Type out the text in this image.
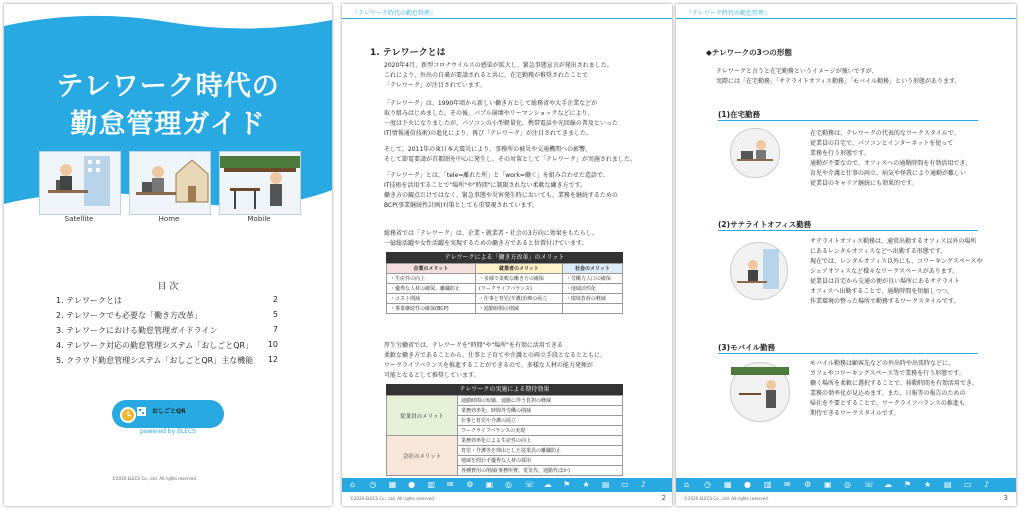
テレワーク時代の
勤怠管理ガイド
Satellite	Home	Mobile
目 次
1. テレワークとは	2
2. テレワークでも必要な「働き方改革」	5
3. テレワークにおける勤怠管理ガイドライン	7
4. テレワーク対応の勤怠管理システム「おしごとQR」 10
5. クラウド勤怠管理システム「おしごとQR」主な機能 12
おしごとQR
powered by ELECS
©2020 ELECS Co., Ltd. All rights reserved.
『テレワーク時代の勤怠管理』
1. テレワークとは
2020年4月、新型コロナウイルスの感染が拡大し、緊急事態宣言が発出されました。
これにより、外出の自粛が要請されると共に、在宅勤務が推奨されたことで
「テレワーク」が注目されています。
「テレワーク」は、1990年頃から新しい働き方として総務省や大手企業などが
取り組みはじめました。その後、バブル崩壊やリーマンショックなどにより、
一度は下火になりましたが、パソコンの小型軽量化、携帯電話や光回線の普及といった
IT(情報通信技術)の進化により、再び「テレワーク」が注目されてきました。
そして、2011年の東日本大震災により、事務所の被災や交通機関への影響、
そして節電要請が首都圏を中心に発生し、その対策として「テレワーク」が実施されました。
「テレワーク」とは、「tele=離れた所」と「work=働く」を組み合わせた造語で、
IT技術を活用することで"場所"や"時間"に制限されない柔軟な働き方です。
働き方の観点だけではなく、緊急事態や災害発生時においても、業務を継続するための
BCP(事業継続性計画)対策としても重要視されています。
総務省では「テレワーク」は、企業・就業者・社会の3方向に効果をもたらし、
一億総活躍や女性活躍を実現するための働き方であると位置付けています。
テレワークによる「働き方改革」のメリット
企業のメリット	就業者のメリット	社会のメリット
・生産性の向上	・多様で柔軟な働き方の確保	・労働力人口の確保
・優秀な人材の確保、離職防止	(ワークライフバランス)	・地域活性化
・コスト削減	・仕事と育児/介護/治療の両立	・環境負荷の軽減
・事業継続性の確保(BCP)	・通勤時間の削減	
厚生労働省では、テレワークを"時間"や"場所"を有効に活用できる
柔軟な働き方であることから、仕事と子育てや介護との両立手段となるとともに、
ワークライフバランスを推進することができるので、多様な人材の能力発揮が
可能となるとして推奨しています。
テレワークの実施による期待効果
従業員のメリット	通勤時間の短縮、通勤に伴う負担の軽減
	業務効率化、時間外労働の削減
	仕事と育児や介護の両立
	ワークライフバランスの実現
会社のメリット	業務効率化による生産性の向上
	育児・介護等を理由とした従業員の離職防止
	地域を問わず優秀な人材の採用
	各種費用の削減(事務所費、電気代、通勤代ほか)
⌂ ◷ ▦ ● ▥ ✉ ⚙ ▣ ◎ ☏ ☁ ⚑ ★ ▤ ▭ ♪
©2020 ELECS Co., Ltd. All rights reserved.	2
『テレワーク時代の勤怠管理』
◆テレワークの3つの形態
テレワークと言うと在宅勤務というイメージが強いですが、
実際には「在宅勤務」「サテライトオフィス勤務」「モバイル勤務」という形態があります。
(1)在宅勤務
在宅勤務は、テレワークの代表的なワークスタイルで、
従業員の自宅で、パソコンとインターネットを使って
業務を行う形態です。
通勤が不要なので、オフィスへの通勤時間を有効活用でき、
育児や介護と仕事の両立、病気や怪我により通勤が難しい
従業員のキャリア継続にも効果的です。
(2)サテライトオフィス勤務
サテライトオフィス勤務は、通常出勤するオフィス以外の場所
にあるレンタルオフィスなどへ出勤する形態です。
現在では、レンタルオフィス以外にも、コワーキングスペースや
シェアオフィスなど様々なワークスペースがあります。
従業員は自宅から交通の便が良い場所にあるサテライト
オフィスへ出勤することで、通勤時間を短縮しつつ、
作業環境の整った場所で勤務するワークスタイルです。
(3)モバイル勤務
モバイル勤務は顧客先などの外出時や出張時などに、
カフェやコワーキングスペース等で業務を行う形態です。
働く場所を柔軟に選択することで、移動時間を有効活用でき、
業務の効率化が見込めます。また、日報等の報告のための
帰社を不要とすることで、ワークライフバランスの推進も
期待できるワークスタイルです。
⌂ ◷ ▦ ● ▥ ✉ ⚙ ▣ ◎ ☏ ☁ ⚑ ★ ▤ ▭ ♪
©2020 ELECS Co., Ltd. All rights reserved.	3
